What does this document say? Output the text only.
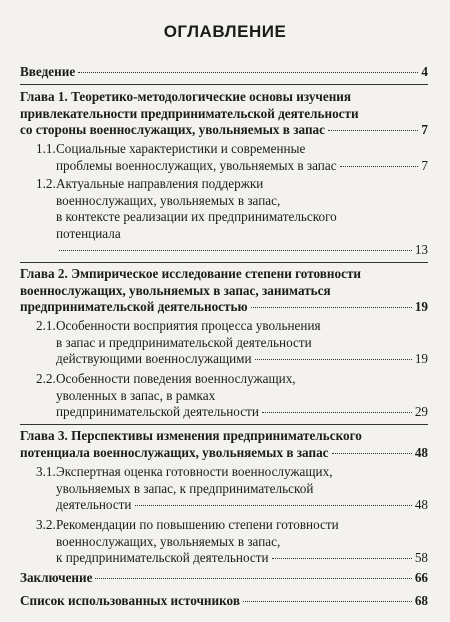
ОГЛАВЛЕНИЕ
Введение	4
Глава 1. Теоретико-методологические основы изучения
привлекательности предпринимательской деятельности
со стороны военнослужащих, увольняемых в запас	7
1.1. Социальные характеристики и современные
проблемы военнослужащих, увольняемых в запас	7
1.2. Актуальные направления поддержки
военнослужащих, увольняемых в запас,
в контексте реализации их предпринимательского
потенциала
13
Глава 2. Эмпирическое исследование степени готовности
военнослужащих, увольняемых в запас, заниматься
предпринимательской деятельностью	19
2.1. Особенности восприятия процесса увольнения
в запас и предпринимательской деятельности
действующими военнослужащими	19
2.2. Особенности поведения военнослужащих,
уволенных в запас, в рамках
предпринимательской деятельности	29
Глава 3. Перспективы изменения предпринимательского
потенциала военнослужащих, увольняемых в запас	48
3.1. Экспертная оценка готовности военнослужащих,
увольняемых в запас, к предпринимательской
деятельности	48
3.2. Рекомендации по повышению степени готовности
военнослужащих, увольняемых в запас,
к предпринимательской деятельности	58
Заключение	66
Список использованных источников	68
